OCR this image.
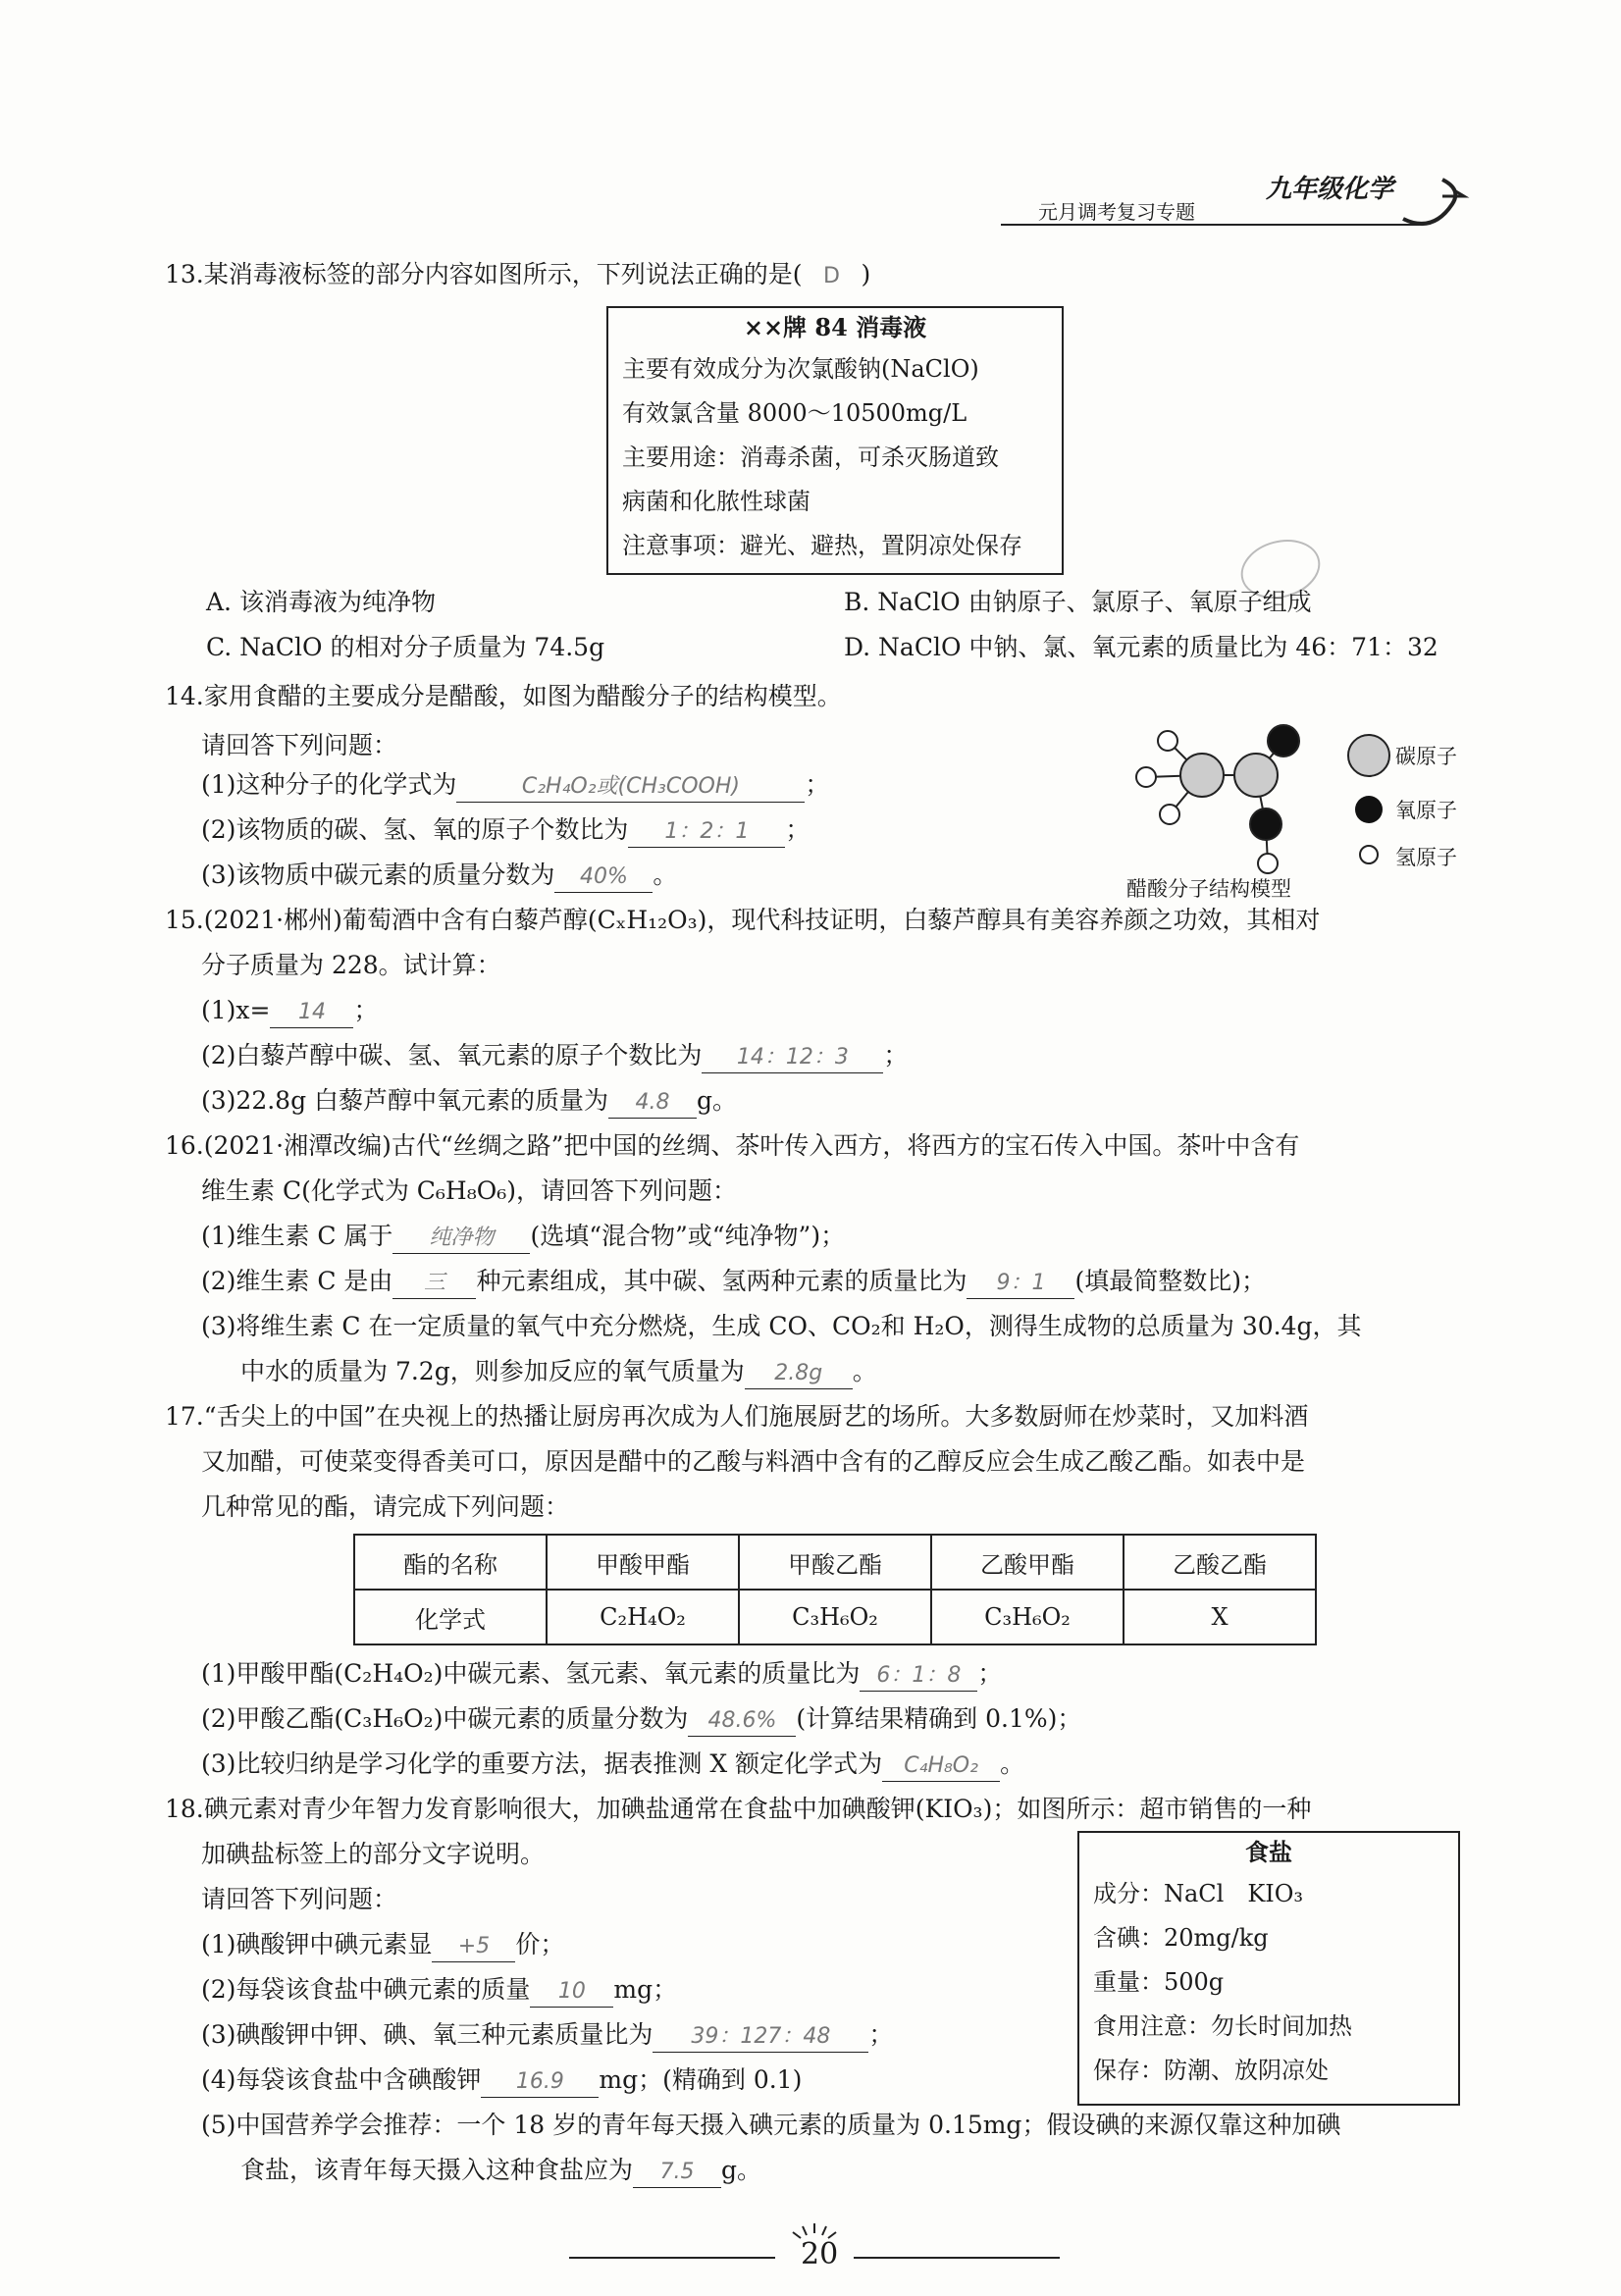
九年级化学
元月调考复习专题
13.某消毒液标签的部分内容如图所示，下列说法正确的是( D )
××牌 84 消毒液
主要有效成分为次氯酸钠(NaClO)
有效氯含量 8000～10500mg/L
主要用途：消毒杀菌，可杀灭肠道致
病菌和化脓性球菌
注意事项：避光、避热，置阴凉处保存
A. 该消毒液为纯净物	B. NaClO 由钠原子、氯原子、氧原子组成
C. NaClO 的相对分子质量为 74.5g	D. NaClO 中钠、氯、氧元素的质量比为 46：71：32
14.家用食醋的主要成分是醋酸，如图为醋酸分子的结构模型。
请回答下列问题：
(1)这种分子的化学式为	C₂H₄O₂或(CH₃COOH)	；
(2)该物质的碳、氢、氧的原子个数比为 1：2：1 ；
(3)该物质中碳元素的质量分数为 40% 。
碳原子
氧原子
氢原子
醋酸分子结构模型
15.(2021·郴州)葡萄酒中含有白藜芦醇(CₓH₁₂O₃)，现代科技证明，白藜芦醇具有美容养颜之功效，其相对
分子质量为 228。试计算：
(1)x= 14 ；
(2)白藜芦醇中碳、氢、氧元素的原子个数比为 14：12：3 ；
(3)22.8g 白藜芦醇中氧元素的质量为 4.8 g。
16.(2021·湘潭改编)古代“丝绸之路”把中国的丝绸、茶叶传入西方，将西方的宝石传入中国。茶叶中含有
维生素 C(化学式为 C₆H₈O₆)，请回答下列问题：
(1)维生素 C 属于 纯净物 (选填“混合物”或“纯净物”)；
(2)维生素 C 是由 三 种元素组成，其中碳、氢两种元素的质量比为 9：1 (填最简整数比)；
(3)将维生素 C 在一定质量的氧气中充分燃烧，生成 CO、CO₂和 H₂O，测得生成物的总质量为 30.4g，其
中水的质量为 7.2g，则参加反应的氧气质量为 2.8g 。
17.“舌尖上的中国”在央视上的热播让厨房再次成为人们施展厨艺的场所。大多数厨师在炒菜时，又加料酒
又加醋，可使菜变得香美可口，原因是醋中的乙酸与料酒中含有的乙醇反应会生成乙酸乙酯。如表中是
几种常见的酯，请完成下列问题：
酯的名称	甲酸甲酯	甲酸乙酯	乙酸甲酯	乙酸乙酯
化学式	C₂H₄O₂	C₃H₆O₂	C₃H₆O₂	X
(1)甲酸甲酯(C₂H₄O₂)中碳元素、氢元素、氧元素的质量比为 6：1：8 ；
(2)甲酸乙酯(C₃H₆O₂)中碳元素的质量分数为 48.6% (计算结果精确到 0.1%)；
(3)比较归纳是学习化学的重要方法，据表推测 X 额定化学式为 C₄H₈O₂ 。
18.碘元素对青少年智力发育影响很大，加碘盐通常在食盐中加碘酸钾(KIO₃)；如图所示：超市销售的一种
加碘盐标签上的部分文字说明。
请回答下列问题：
(1)碘酸钾中碘元素显 +5 价；
(2)每袋该食盐中碘元素的质量 10 mg；
(3)碘酸钾中钾、碘、氧三种元素质量比为 39：127：48 ；
(4)每袋该食盐中含碘酸钾 16.9 mg；(精确到 0.1)
(5)中国营养学会推荐：一个 18 岁的青年每天摄入碘元素的质量为 0.15mg；假设碘的来源仅靠这种加碘
食盐，该青年每天摄入这种食盐应为 7.5 g。
食盐
成分：NaCl　KIO₃
含碘：20mg/kg
重量：500g
食用注意：勿长时间加热
保存：防潮、放阴凉处
20
